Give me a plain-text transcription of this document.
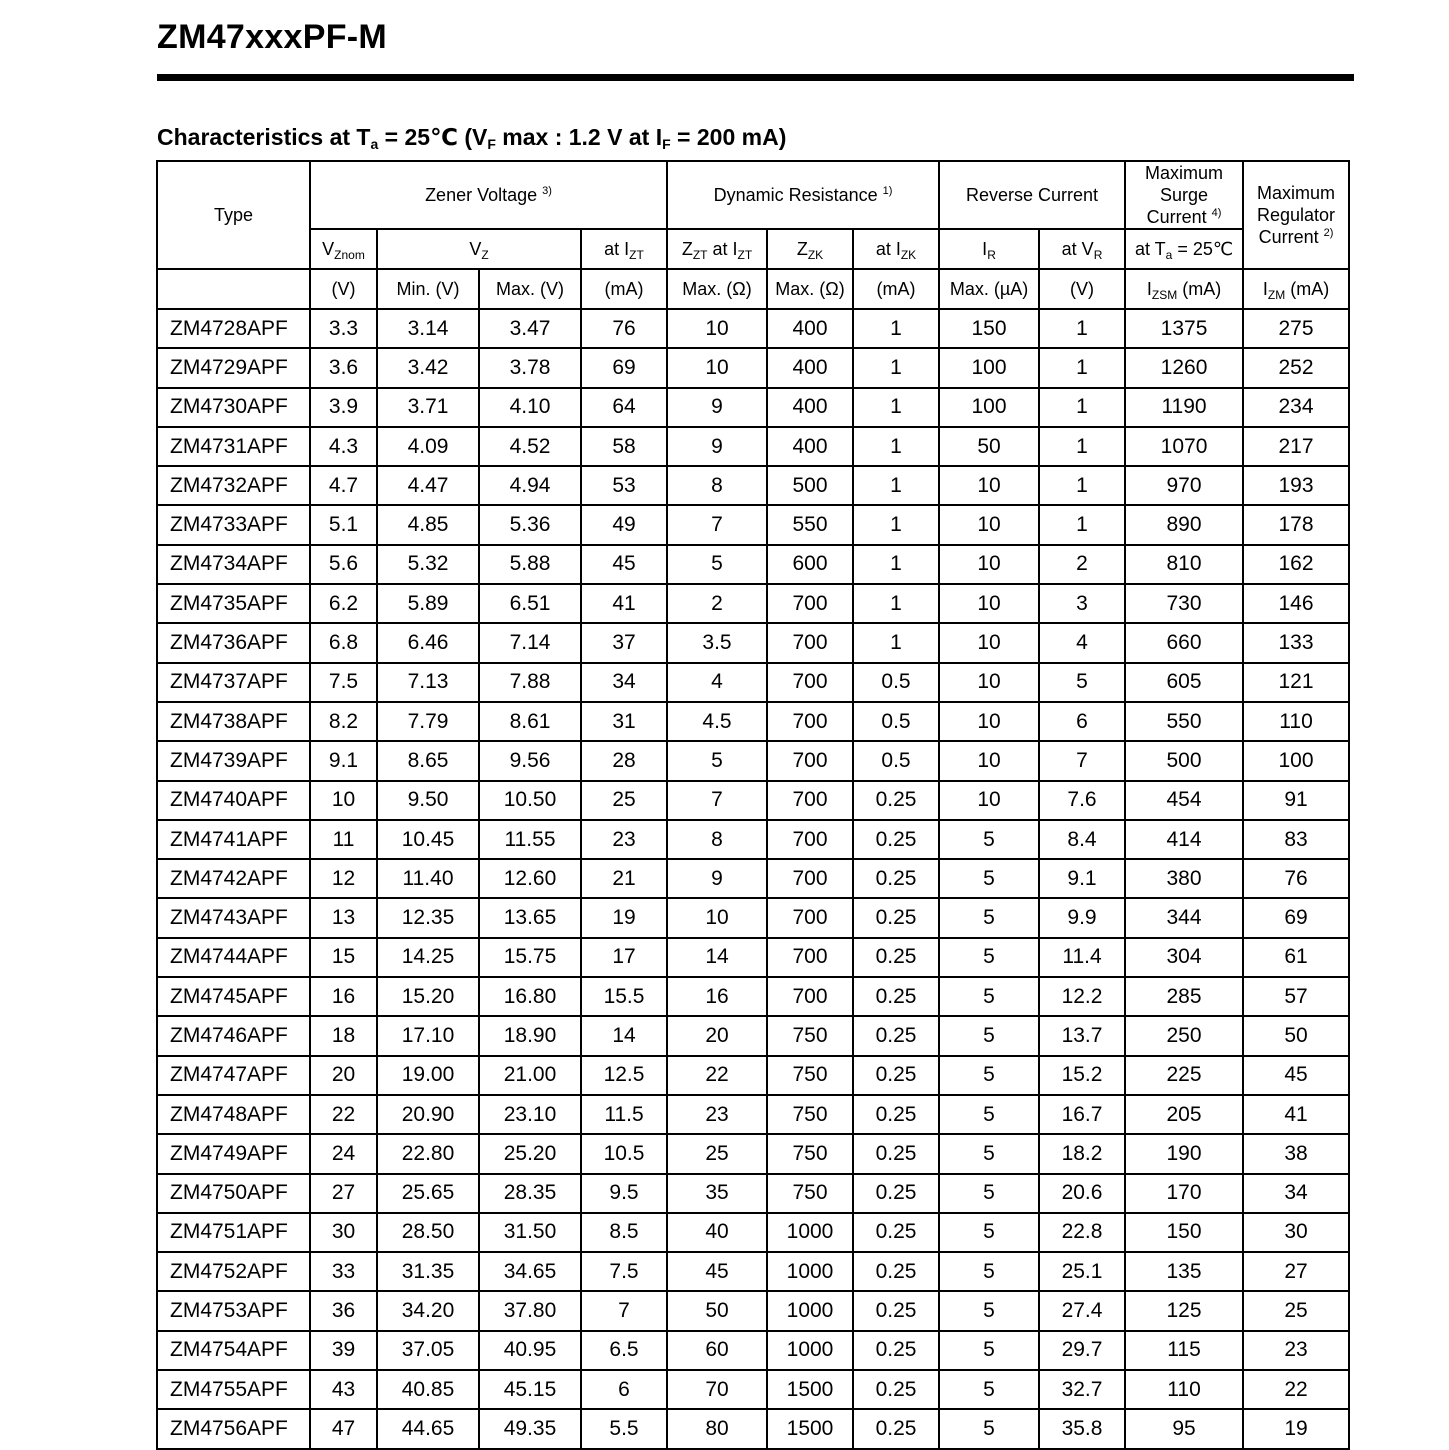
ZM47xxxPF-M
Characteristics at $T_a$ = 25℃ ($V_F$ max : 1.2 V at $I_F = 200$ mA)
Type	Zener Voltage $^{3)}$				Dynamic Resistance $^{1)}$			Reverse Current		Maximum
Surge
Current $^{4)}$	Maximum
Regulator
Current $^{2)}$
	$V_{Znom}$	$V_Z$		at $I_{ZT}$	$Z_{ZT}$ at $I_{ZT}$	$Z_{ZK}$	at $I_{ZK}$	$I_R$	at $V_R$	at $T_a$ = 25℃	
	(V)	Min. (V)	Max. (V)	(mA)	Max. (Ω)	Max. (Ω)	(mA)	Max. (µA)	(V)	$I_{ZSM}$ (mA)	$I_{ZM}$ (mA)
ZM4728APF	3.3	3.14	3.47	76	10	400	1	150	1	1375	275
ZM4729APF	3.6	3.42	3.78	69	10	400	1	100	1	1260	252
ZM4730APF	3.9	3.71	4.10	64	9	400	1	100	1	1190	234
ZM4731APF	4.3	4.09	4.52	58	9	400	1	50	1	1070	217
ZM4732APF	4.7	4.47	4.94	53	8	500	1	10	1	970	193
ZM4733APF	5.1	4.85	5.36	49	7	550	1	10	1	890	178
ZM4734APF	5.6	5.32	5.88	45	5	600	1	10	2	810	162
ZM4735APF	6.2	5.89	6.51	41	2	700	1	10	3	730	146
ZM4736APF	6.8	6.46	7.14	37	3.5	700	1	10	4	660	133
ZM4737APF	7.5	7.13	7.88	34	4	700	0.5	10	5	605	121
ZM4738APF	8.2	7.79	8.61	31	4.5	700	0.5	10	6	550	110
ZM4739APF	9.1	8.65	9.56	28	5	700	0.5	10	7	500	100
ZM4740APF	10	9.50	10.50	25	7	700	0.25	10	7.6	454	91
ZM4741APF	11	10.45	11.55	23	8	700	0.25	5	8.4	414	83
ZM4742APF	12	11.40	12.60	21	9	700	0.25	5	9.1	380	76
ZM4743APF	13	12.35	13.65	19	10	700	0.25	5	9.9	344	69
ZM4744APF	15	14.25	15.75	17	14	700	0.25	5	11.4	304	61
ZM4745APF	16	15.20	16.80	15.5	16	700	0.25	5	12.2	285	57
ZM4746APF	18	17.10	18.90	14	20	750	0.25	5	13.7	250	50
ZM4747APF	20	19.00	21.00	12.5	22	750	0.25	5	15.2	225	45
ZM4748APF	22	20.90	23.10	11.5	23	750	0.25	5	16.7	205	41
ZM4749APF	24	22.80	25.20	10.5	25	750	0.25	5	18.2	190	38
ZM4750APF	27	25.65	28.35	9.5	35	750	0.25	5	20.6	170	34
ZM4751APF	30	28.50	31.50	8.5	40	1000	0.25	5	22.8	150	30
ZM4752APF	33	31.35	34.65	7.5	45	1000	0.25	5	25.1	135	27
ZM4753APF	36	34.20	37.80	7	50	1000	0.25	5	27.4	125	25
ZM4754APF	39	37.05	40.95	6.5	60	1000	0.25	5	29.7	115	23
ZM4755APF	43	40.85	45.15	6	70	1500	0.25	5	32.7	110	22
ZM4756APF	47	44.65	49.35	5.5	80	1500	0.25	5	35.8	95	19
